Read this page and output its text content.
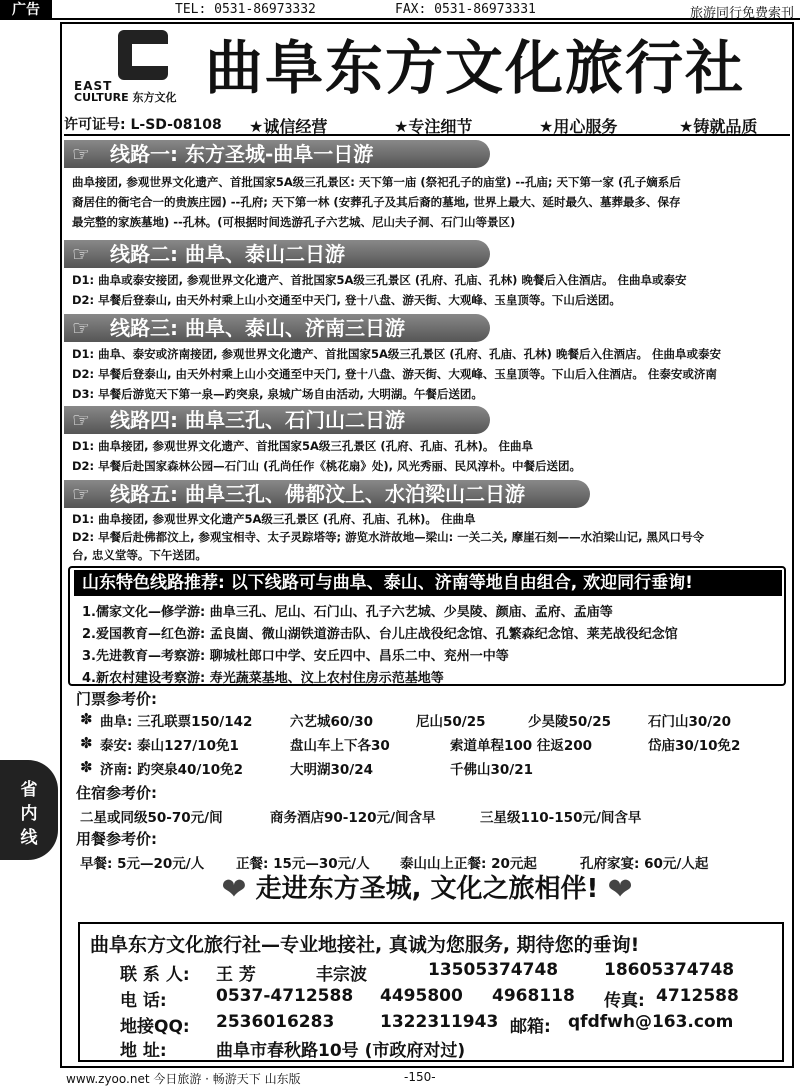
广告	TEL: 0531-86973332	FAX: 0531-86973331	旅游同行免费索刊
EAST
CULTURE 东方文化 曲阜东方文化旅行社
许可证号: L-SD-08108 ★诚信经营	★专注细节	★用心服务	★铸就品质
☞ 线路一: 东方圣城-曲阜一日游
曲阜接团, 参观世界文化遗产、首批国家5A级三孔景区: 天下第一庙 (祭祀孔子的庙堂) --孔庙; 天下第一家 (孔子嫡系后
裔居住的衙宅合一的贵族庄园) --孔府; 天下第一林 (安葬孔子及其后裔的墓地, 世界上最大、延时最久、墓葬最多、保存
最完整的家族墓地) --孔林。(可根据时间选游孔子六艺城、尼山夫子洞、石门山等景区)
☞ 线路二: 曲阜、泰山二日游
D1: 曲阜或泰安接团, 参观世界文化遗产、首批国家5A级三孔景区 (孔府、孔庙、孔林) 晚餐后入住酒店。 住曲阜或泰安
D2: 早餐后登泰山, 由天外村乘上山小交通至中天门, 登十八盘、游天街、大观峰、玉皇顶等。下山后送团。
☞ 线路三: 曲阜、泰山、济南三日游
D1: 曲阜、泰安或济南接团, 参观世界文化遗产、首批国家5A级三孔景区 (孔府、孔庙、孔林) 晚餐后入住酒店。 住曲阜或泰安
D2: 早餐后登泰山, 由天外村乘上山小交通至中天门, 登十八盘、游天街、大观峰、玉皇顶等。下山后入住酒店。 住泰安或济南
D3: 早餐后游览天下第一泉—趵突泉, 泉城广场自由活动, 大明湖。午餐后送团。
☞ 线路四: 曲阜三孔、石门山二日游
D1: 曲阜接团, 参观世界文化遗产、首批国家5A级三孔景区 (孔府、孔庙、孔林)。 住曲阜
D2: 早餐后赴国家森林公园—石门山 (孔尚任作《桃花扇》处), 风光秀丽、民风淳朴。中餐后送团。
☞ 线路五: 曲阜三孔、佛都汶上、水泊梁山二日游
D1: 曲阜接团, 参观世界文化遗产5A级三孔景区 (孔府、孔庙、孔林)。 住曲阜
D2: 早餐后赴佛都汶上, 参观宝相寺、太子灵踪塔等; 游览水浒故地—梁山: 一关二关, 摩崖石刻——水泊梁山记, 黑风口号令
台, 忠义堂等。下午送团。
山东特色线路推荐: 以下线路可与曲阜、泰山、济南等地自由组合, 欢迎同行垂询!
1.儒家文化—修学游: 曲阜三孔、尼山、石门山、孔子六艺城、少昊陵、颜庙、孟府、孟庙等
2.爱国教育—红色游: 孟良崮、微山湖铁道游击队、台儿庄战役纪念馆、孔繁森纪念馆、莱芜战役纪念馆
3.先进教育—考察游: 聊城杜郎口中学、安丘四中、昌乐二中、兖州一中等
4.新农村建设考察游: 寿光蔬菜基地、汶上农村住房示范基地等
门票参考价:
✽ 曲阜: 三孔联票150/142	六艺城60/30	尼山50/25	少昊陵50/25	石门山30/20
✽ 泰安: 泰山127/10免1	盘山车上下各30	索道单程100 往返200	岱庙30/10免2
✽ 济南: 趵突泉40/10免2	大明湖30/24	千佛山30/21
住宿参考价:
二星或同级50-70元/间	商务酒店90-120元/间含早	三星级110-150元/间含早
用餐参考价:
早餐: 5元—20元/人 正餐: 15元—30元/人 泰山山上正餐: 20元起	孔府家宴: 60元/人起
省
内
线
❤ 走进东方圣城, 文化之旅相伴! ❤
曲阜东方文化旅行社—专业地接社, 真诚为您服务, 期待您的垂询!
联 系 人: 王 芳	丰宗波	13505374748	18605374748
电 话:	0537-4712588 4495800 4968118 传真: 4712588
地接QQ: 2536016283	1322311943 邮箱: qfdfwh@163.com
地 址:	曲阜市春秋路10号 (市政府对过)
www.zyoo.net 今日旅游 · 畅游天下 山东版	-150-
